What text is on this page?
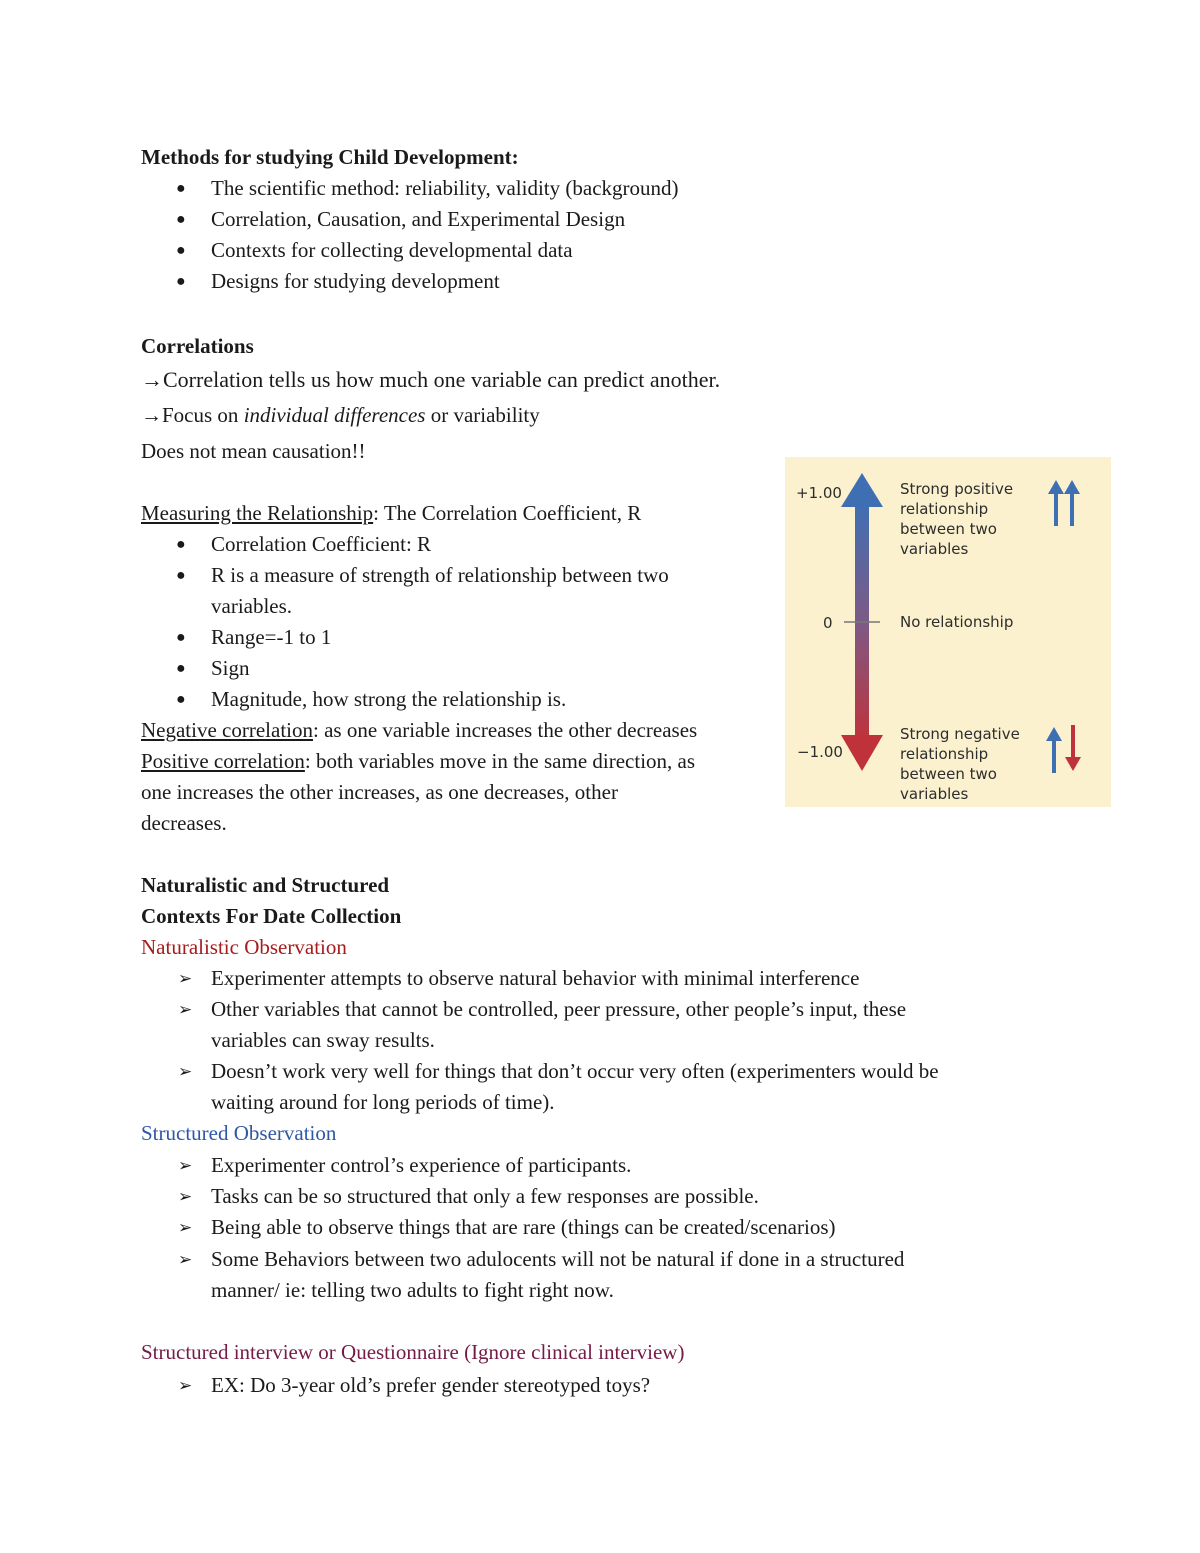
Methods for studying Child Development:
● The scientific method: reliability, validity (background)
● Correlation, Causation, and Experimental Design
● Contexts for collecting developmental data
● Designs for studying development
Correlations
→Correlation tells us how much one variable can predict another.
→Focus on individual differences or variability
Does not mean causation!!
Measuring the Relationship: The Correlation Coefficient, R
● Correlation Coefficient: R
● R is a measure of strength of relationship between two
variables.
● Range=-1 to 1
● Sign
● Magnitude, how strong the relationship is.
Negative correlation: as one variable increases the other decreases
Positive correlation: both variables move in the same direction, as
one increases the other increases, as one decreases, other
decreases.
+1.00
0
−1.00
Strong positive
relationship
between two
variables
No relationship
Strong negative
relationship
between two
variables
Naturalistic and Structured
Contexts For Date Collection
Naturalistic Observation
➢ Experimenter attempts to observe natural behavior with minimal interference
➢ Other variables that cannot be controlled, peer pressure, other people’s input, these
variables can sway results.
➢ Doesn’t work very well for things that don’t occur very often (experimenters would be
waiting around for long periods of time).
Structured Observation
➢ Experimenter control’s experience of participants.
➢ Tasks can be so structured that only a few responses are possible.
➢ Being able to observe things that are rare (things can be created/scenarios)
➢ Some Behaviors between two adulocents will not be natural if done in a structured
manner/ ie: telling two adults to fight right now.
Structured interview or Questionnaire (Ignore clinical interview)
➢ EX: Do 3-year old’s prefer gender stereotyped toys?
